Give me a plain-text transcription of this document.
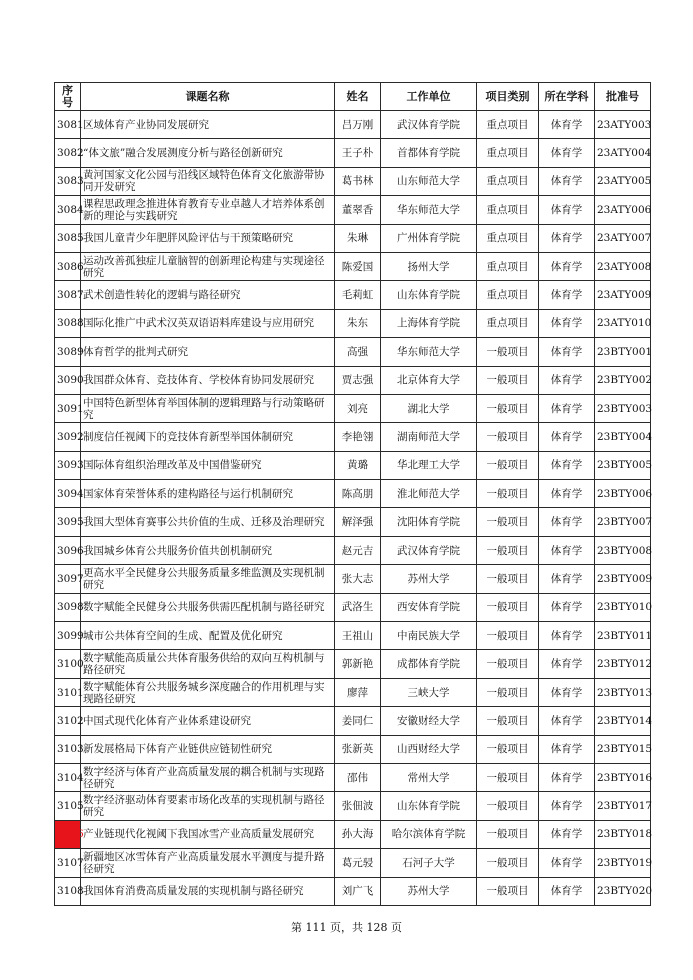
序号	课题名称	姓名	工作单位	项目类别	所在学科	批准号
3081	区域体育产业协同发展研究	吕万刚	武汉体育学院	重点项目	体育学	23ATY003
3082	“体文旅”融合发展测度分析与路径创新研究	王子朴	首都体育学院	重点项目	体育学	23ATY004
3083	黄河国家文化公园与沿线区域特色体育文化旅游带协同开发研究	葛书林	山东师范大学	重点项目	体育学	23ATY005
3084	课程思政理念推进体育教育专业卓越人才培养体系创新的理论与实践研究	董翠香	华东师范大学	重点项目	体育学	23ATY006
3085	我国儿童青少年肥胖风险评估与干预策略研究	朱琳	广州体育学院	重点项目	体育学	23ATY007
3086	运动改善孤独症儿童脑智的创新理论构建与实现途径研究	陈爱国	扬州大学	重点项目	体育学	23ATY008
3087	武术创造性转化的逻辑与路径研究	毛莉虹	山东体育学院	重点项目	体育学	23ATY009
3088	国际化推广中武术汉英双语语料库建设与应用研究	朱东	上海体育学院	重点项目	体育学	23ATY010
3089	体育哲学的批判式研究	高强	华东师范大学	一般项目	体育学	23BTY001
3090	我国群众体育、竞技体育、学校体育协同发展研究	贾志强	北京体育大学	一般项目	体育学	23BTY002
3091	中国特色新型体育举国体制的逻辑理路与行动策略研究	刘亮	湖北大学	一般项目	体育学	23BTY003
3092	制度信任视阈下的竞技体育新型举国体制研究	李艳翎	湖南师范大学	一般项目	体育学	23BTY004
3093	国际体育组织治理改革及中国借鉴研究	黄璐	华北理工大学	一般项目	体育学	23BTY005
3094	国家体育荣誉体系的建构路径与运行机制研究	陈高朋	淮北师范大学	一般项目	体育学	23BTY006
3095	我国大型体育赛事公共价值的生成、迁移及治理研究	解泽强	沈阳体育学院	一般项目	体育学	23BTY007
3096	我国城乡体育公共服务价值共创机制研究	赵元吉	武汉体育学院	一般项目	体育学	23BTY008
3097	更高水平全民健身公共服务质量多维监测及实现机制研究	张大志	苏州大学	一般项目	体育学	23BTY009
3098	数字赋能全民健身公共服务供需匹配机制与路径研究	武洛生	西安体育学院	一般项目	体育学	23BTY010
3099	城市公共体育空间的生成、配置及优化研究	王祖山	中南民族大学	一般项目	体育学	23BTY011
3100	数字赋能高质量公共体育服务供给的双向互构机制与路径研究	郭新艳	成都体育学院	一般项目	体育学	23BTY012
3101	数字赋能体育公共服务城乡深度融合的作用机理与实现路径研究	廖萍	三峡大学	一般项目	体育学	23BTY013
3102	中国式现代化体育产业体系建设研究	姜同仁	安徽财经大学	一般项目	体育学	23BTY014
3103	新发展格局下体育产业链供应链韧性研究	张新英	山西财经大学	一般项目	体育学	23BTY015
3104	数字经济与体育产业高质量发展的耦合机制与实现路径研究	邵伟	常州大学	一般项目	体育学	23BTY016
3105	数字经济驱动体育要素市场化改革的实现机制与路径研究	张佃波	山东体育学院	一般项目	体育学	23BTY017
3106	产业链现代化视阈下我国冰雪产业高质量发展研究	孙大海	哈尔滨体育学院	一般项目	体育学	23BTY018
3107	新疆地区冰雪体育产业高质量发展水平测度与提升路径研究	葛元骎	石河子大学	一般项目	体育学	23BTY019
3108	我国体育消费高质量发展的实现机制与路径研究	刘广飞	苏州大学	一般项目	体育学	23BTY020
第 111 页，共 128 页
